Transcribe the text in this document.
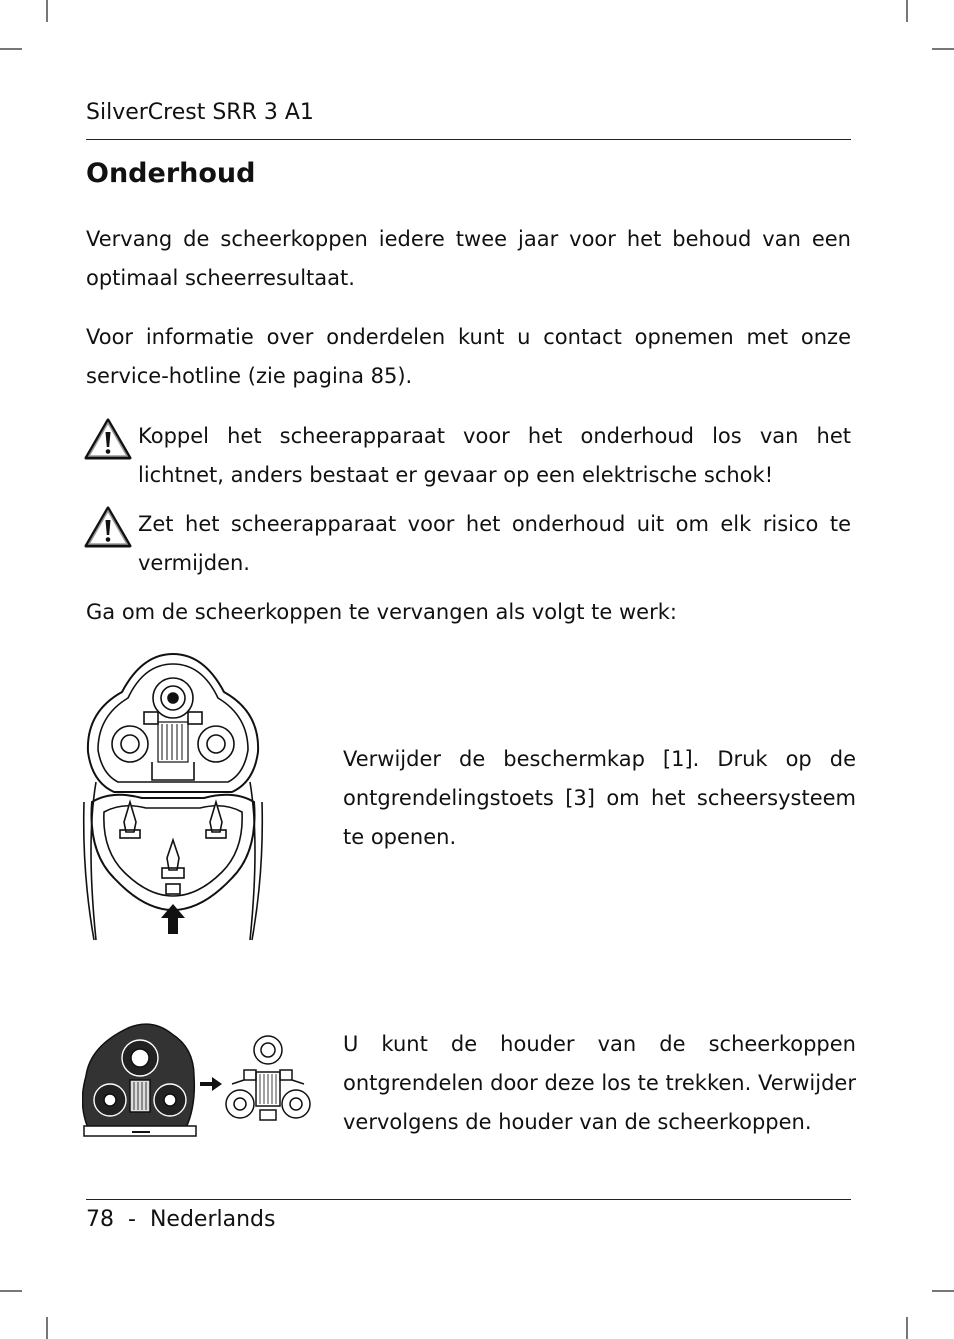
SilverCrest SRR 3 A1
Onderhoud

Vervang de scheerkoppen iedere twee jaar voor het behoud van een optimaal scheerresultaat.

Voor informatie over onderdelen kunt u contact opnemen met onze service-hotline (zie pagina 85).

Koppel het scheerapparaat voor het onderhoud los van het lichtnet, anders bestaat er gevaar op een elektrische schok!

Zet het scheerapparaat voor het onderhoud uit om elk risico te vermijden.

Ga om de scheerkoppen te vervangen als volgt te werk:

Verwijder de beschermkap [1]. Druk op de ontgrendelingstoets [3] om het scheersysteem te openen.

U kunt de houder van de scheerkoppen ontgrendelen door deze los te trekken. Verwijder vervolgens de houder van de scheerkoppen.

78 - Nederlands
